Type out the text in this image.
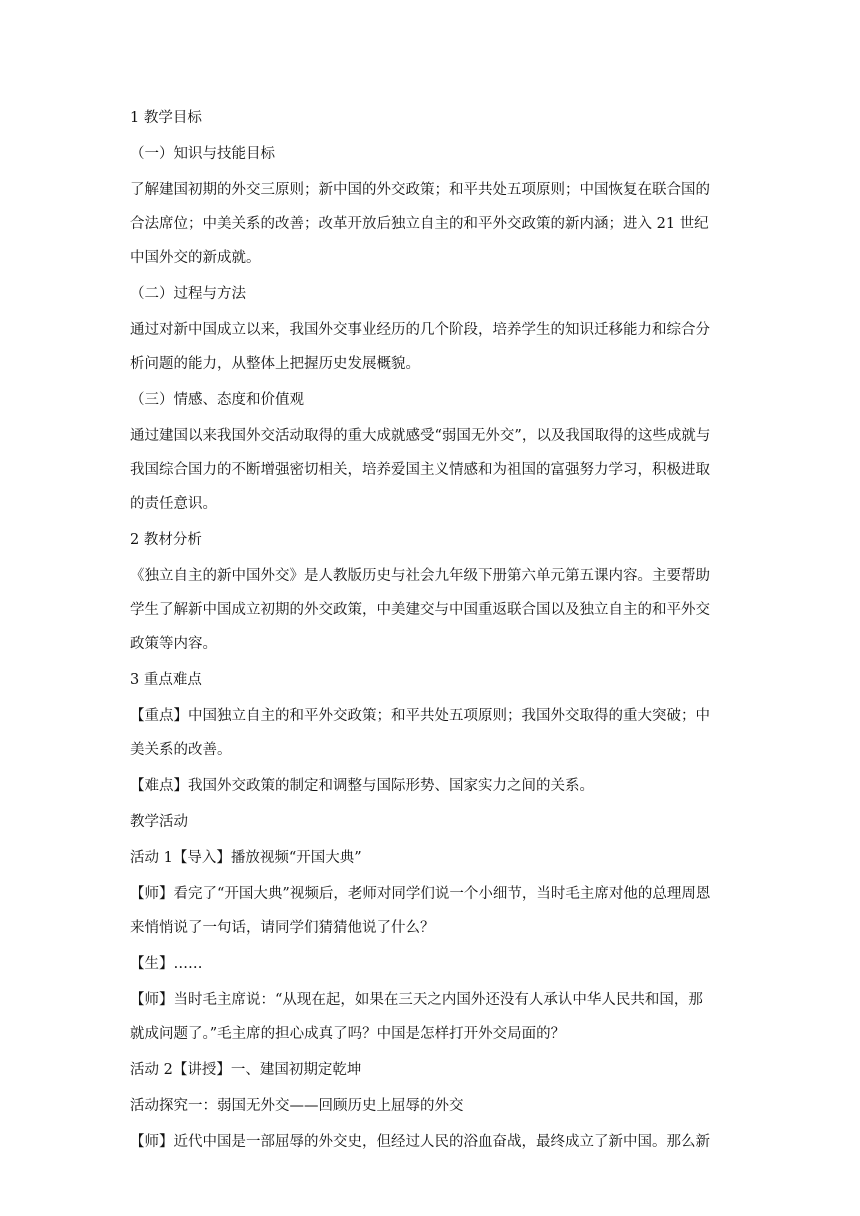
1 教学目标
（一）知识与技能目标
了解建国初期的外交三原则；新中国的外交政策；和平共处五项原则；中国恢复在联合国的
合法席位；中美关系的改善；改革开放后独立自主的和平外交政策的新内涵；进入 21 世纪
中国外交的新成就。
（二）过程与方法
通过对新中国成立以来，我国外交事业经历的几个阶段，培养学生的知识迁移能力和综合分
析问题的能力，从整体上把握历史发展概貌。
（三）情感、态度和价值观
通过建国以来我国外交活动取得的重大成就感受“弱国无外交”，以及我国取得的这些成就与
我国综合国力的不断增强密切相关，培养爱国主义情感和为祖国的富强努力学习，积极进取
的责任意识。
2 教材分析
《独立自主的新中国外交》是人教版历史与社会九年级下册第六单元第五课内容。主要帮助
学生了解新中国成立初期的外交政策，中美建交与中国重返联合国以及独立自主的和平外交
政策等内容。
3 重点难点
【重点】中国独立自主的和平外交政策；和平共处五项原则；我国外交取得的重大突破；中
美关系的改善。
【难点】我国外交政策的制定和调整与国际形势、国家实力之间的关系。
教学活动
活动 1【导入】播放视频“开国大典”
【师】看完了“开国大典”视频后，老师对同学们说一个小细节，当时毛主席对他的总理周恩
来悄悄说了一句话，请同学们猜猜他说了什么？
【生】……
【师】当时毛主席说：“从现在起，如果在三天之内国外还没有人承认中华人民共和国，那
就成问题了。”毛主席的担心成真了吗？中国是怎样打开外交局面的？
活动 2【讲授】一、建国初期定乾坤
活动探究一：弱国无外交——回顾历史上屈辱的外交
【师】近代中国是一部屈辱的外交史，但经过人民的浴血奋战，最终成立了新中国。那么新
